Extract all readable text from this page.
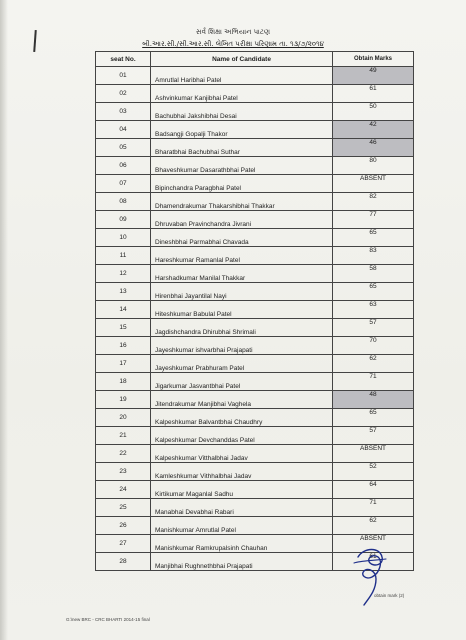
સર્વ શિક્ષા અભિયાન પાટણ
બી.આર.સી./સી.આર.સી. લેખિત પરીક્ષા પરિણામ તા. ૧૩/૭/૨૦૧૪
seat No.	Name of Candidate	Obtain Marks
01	Amrutlal Haribhai Patel	49
02	Ashvinkumar Kanjibhai Patel	61
03	Bachubhai Jakshibhai Desai	50
04	Badsangji Gopalji Thakor	42
05	Bharatbhai Bachubhai Suthar	46
06	Bhaveshkumar Dasarathbhai Patel	80
07	Bipinchandra Paragbhai Patel	ABSENT
08	Dhamendrakumar Thakarshibhai Thakkar	82
09	Dhruvaban Pravinchandra Jivrani	77
10	Dineshbhai Parmabhai Chavada	65
11	Hareshkumar Ramanlal Patel	83
12	Harshadkumar Manilal Thakkar	58
13	Hirenbhai Jayantilal Nayi	65
14	Hiteshkumar Babulal Patel	63
15	Jagdishchandra Dhirubhai Shrimali	57
16	Jayeshkumar ishvarbhai Prajapati	70
17	Jayeshkumar Prabhuram Patel	62
18	Jigarkumar Jasvantbhai Patel	71
19	Jitendrakumar Manjibhai Vaghela	48
20	Kalpeshkumar Balvantbhai Chaudhry	65
21	Kalpeshkumar Devchanddas Patel	57
22	Kalpeshkumar Vitthalbhai Jadav	ABSENT
23	Kamleshkumar Vithhalbhai Jadav	52
24	Kirtikumar Maganlal Sadhu	64
25	Manabhai Devabhai Rabari	71
26	Manishkumar Amrutlal Patel	62
27	Manishkumar Ramkrupalsinh Chauhan	ABSENT
28	Manjibhai Rughnethbhai Prajapati	61
obtain mark (2)
G:\new BRC - CRC BHARTI 2014-15 final
